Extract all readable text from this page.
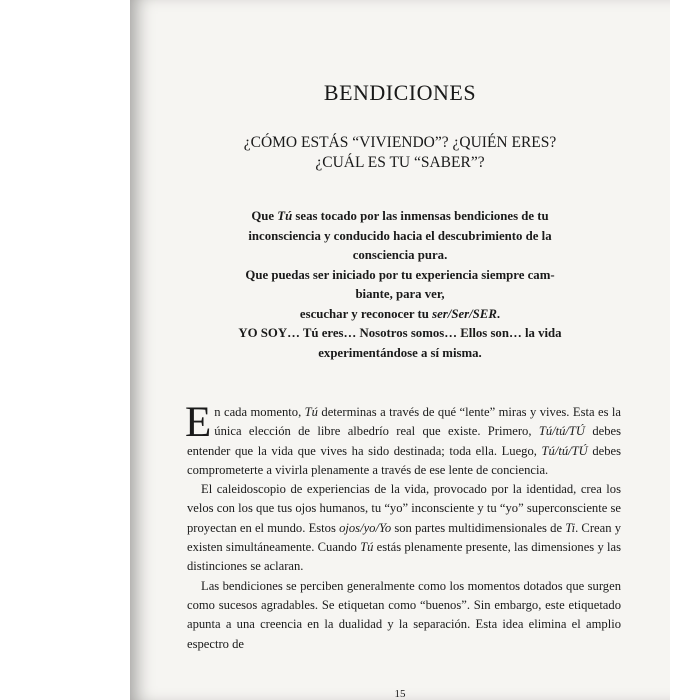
BENDICIONES
¿CÓMO ESTÁS “VIVIENDO”? ¿QUIÉN ERES?
¿CUÁL ES TU “SABER”?
Que Tú seas tocado por las inmensas bendiciones de tu
inconsciencia y conducido hacia el descubrimiento de la
consciencia pura.
Que puedas ser iniciado por tu experiencia siempre cam-
biante, para ver,
escuchar y reconocer tu ser/Ser/SER.
YO SOY… Tú eres… Nosotros somos… Ellos son… la vida
experimentándose a sí misma.

En cada momento, Tú determinas a través de qué “lente” miras y vives. Esta es la única elección de libre albedrío real que existe. Primero, Tú/tú/TÚ debes entender que la vida que vives ha sido destinada; toda ella. Luego, Tú/tú/TÚ debes comprometerte a vivirla plenamente a través de ese lente de conciencia.

El caleidoscopio de experiencias de la vida, provocado por la identidad, crea los velos con los que tus ojos humanos, tu “yo” inconsciente y tu “yo” superconsciente se proyectan en el mundo. Estos ojos/yo/Yo son partes multidimensionales de Ti. Crean y existen simultáneamente. Cuando Tú estás plenamente presente, las dimensiones y las distinciones se aclaran.

Las bendiciones se perciben generalmente como los momentos dotados que surgen como sucesos agradables. Se etiquetan como “buenos”. Sin embargo, este etiquetado apunta a una creencia en la dualidad y la separación. Esta idea elimina el amplio espectro de

15
